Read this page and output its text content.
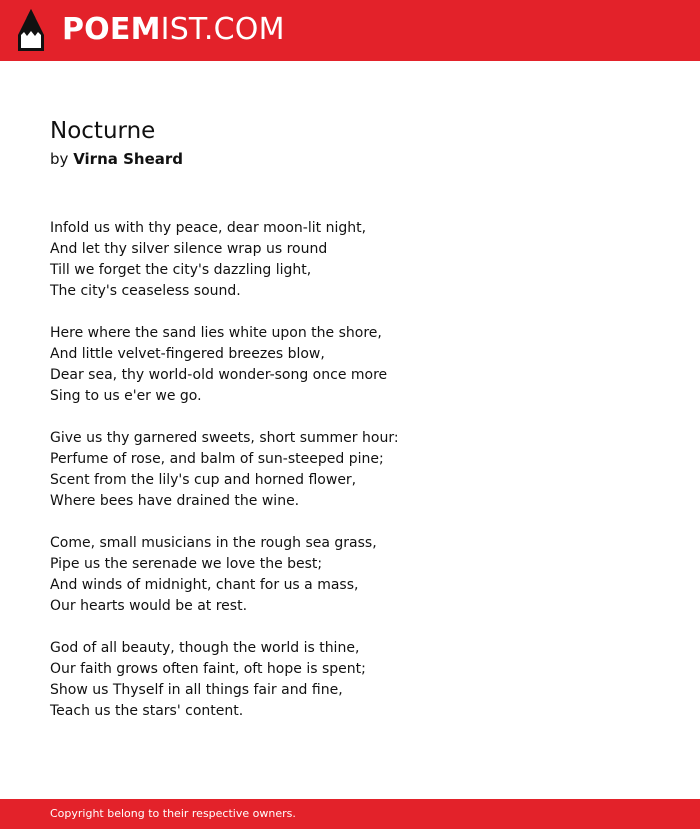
POEMIST.COM
Nocturne
by Virna Sheard
Infold us with thy peace, dear moon-lit night,
And let thy silver silence wrap us round
Till we forget the city's dazzling light,
The city's ceaseless sound.
Here where the sand lies white upon the shore,
And little velvet-fingered breezes blow,
Dear sea, thy world-old wonder-song once more
Sing to us e'er we go.
Give us thy garnered sweets, short summer hour:
Perfume of rose, and balm of sun-steeped pine;
Scent from the lily's cup and horned flower,
Where bees have drained the wine.
Come, small musicians in the rough sea grass,
Pipe us the serenade we love the best;
And winds of midnight, chant for us a mass,
Our hearts would be at rest.
God of all beauty, though the world is thine,
Our faith grows often faint, oft hope is spent;
Show us Thyself in all things fair and fine,
Teach us the stars' content.
Copyright belong to their respective owners.
